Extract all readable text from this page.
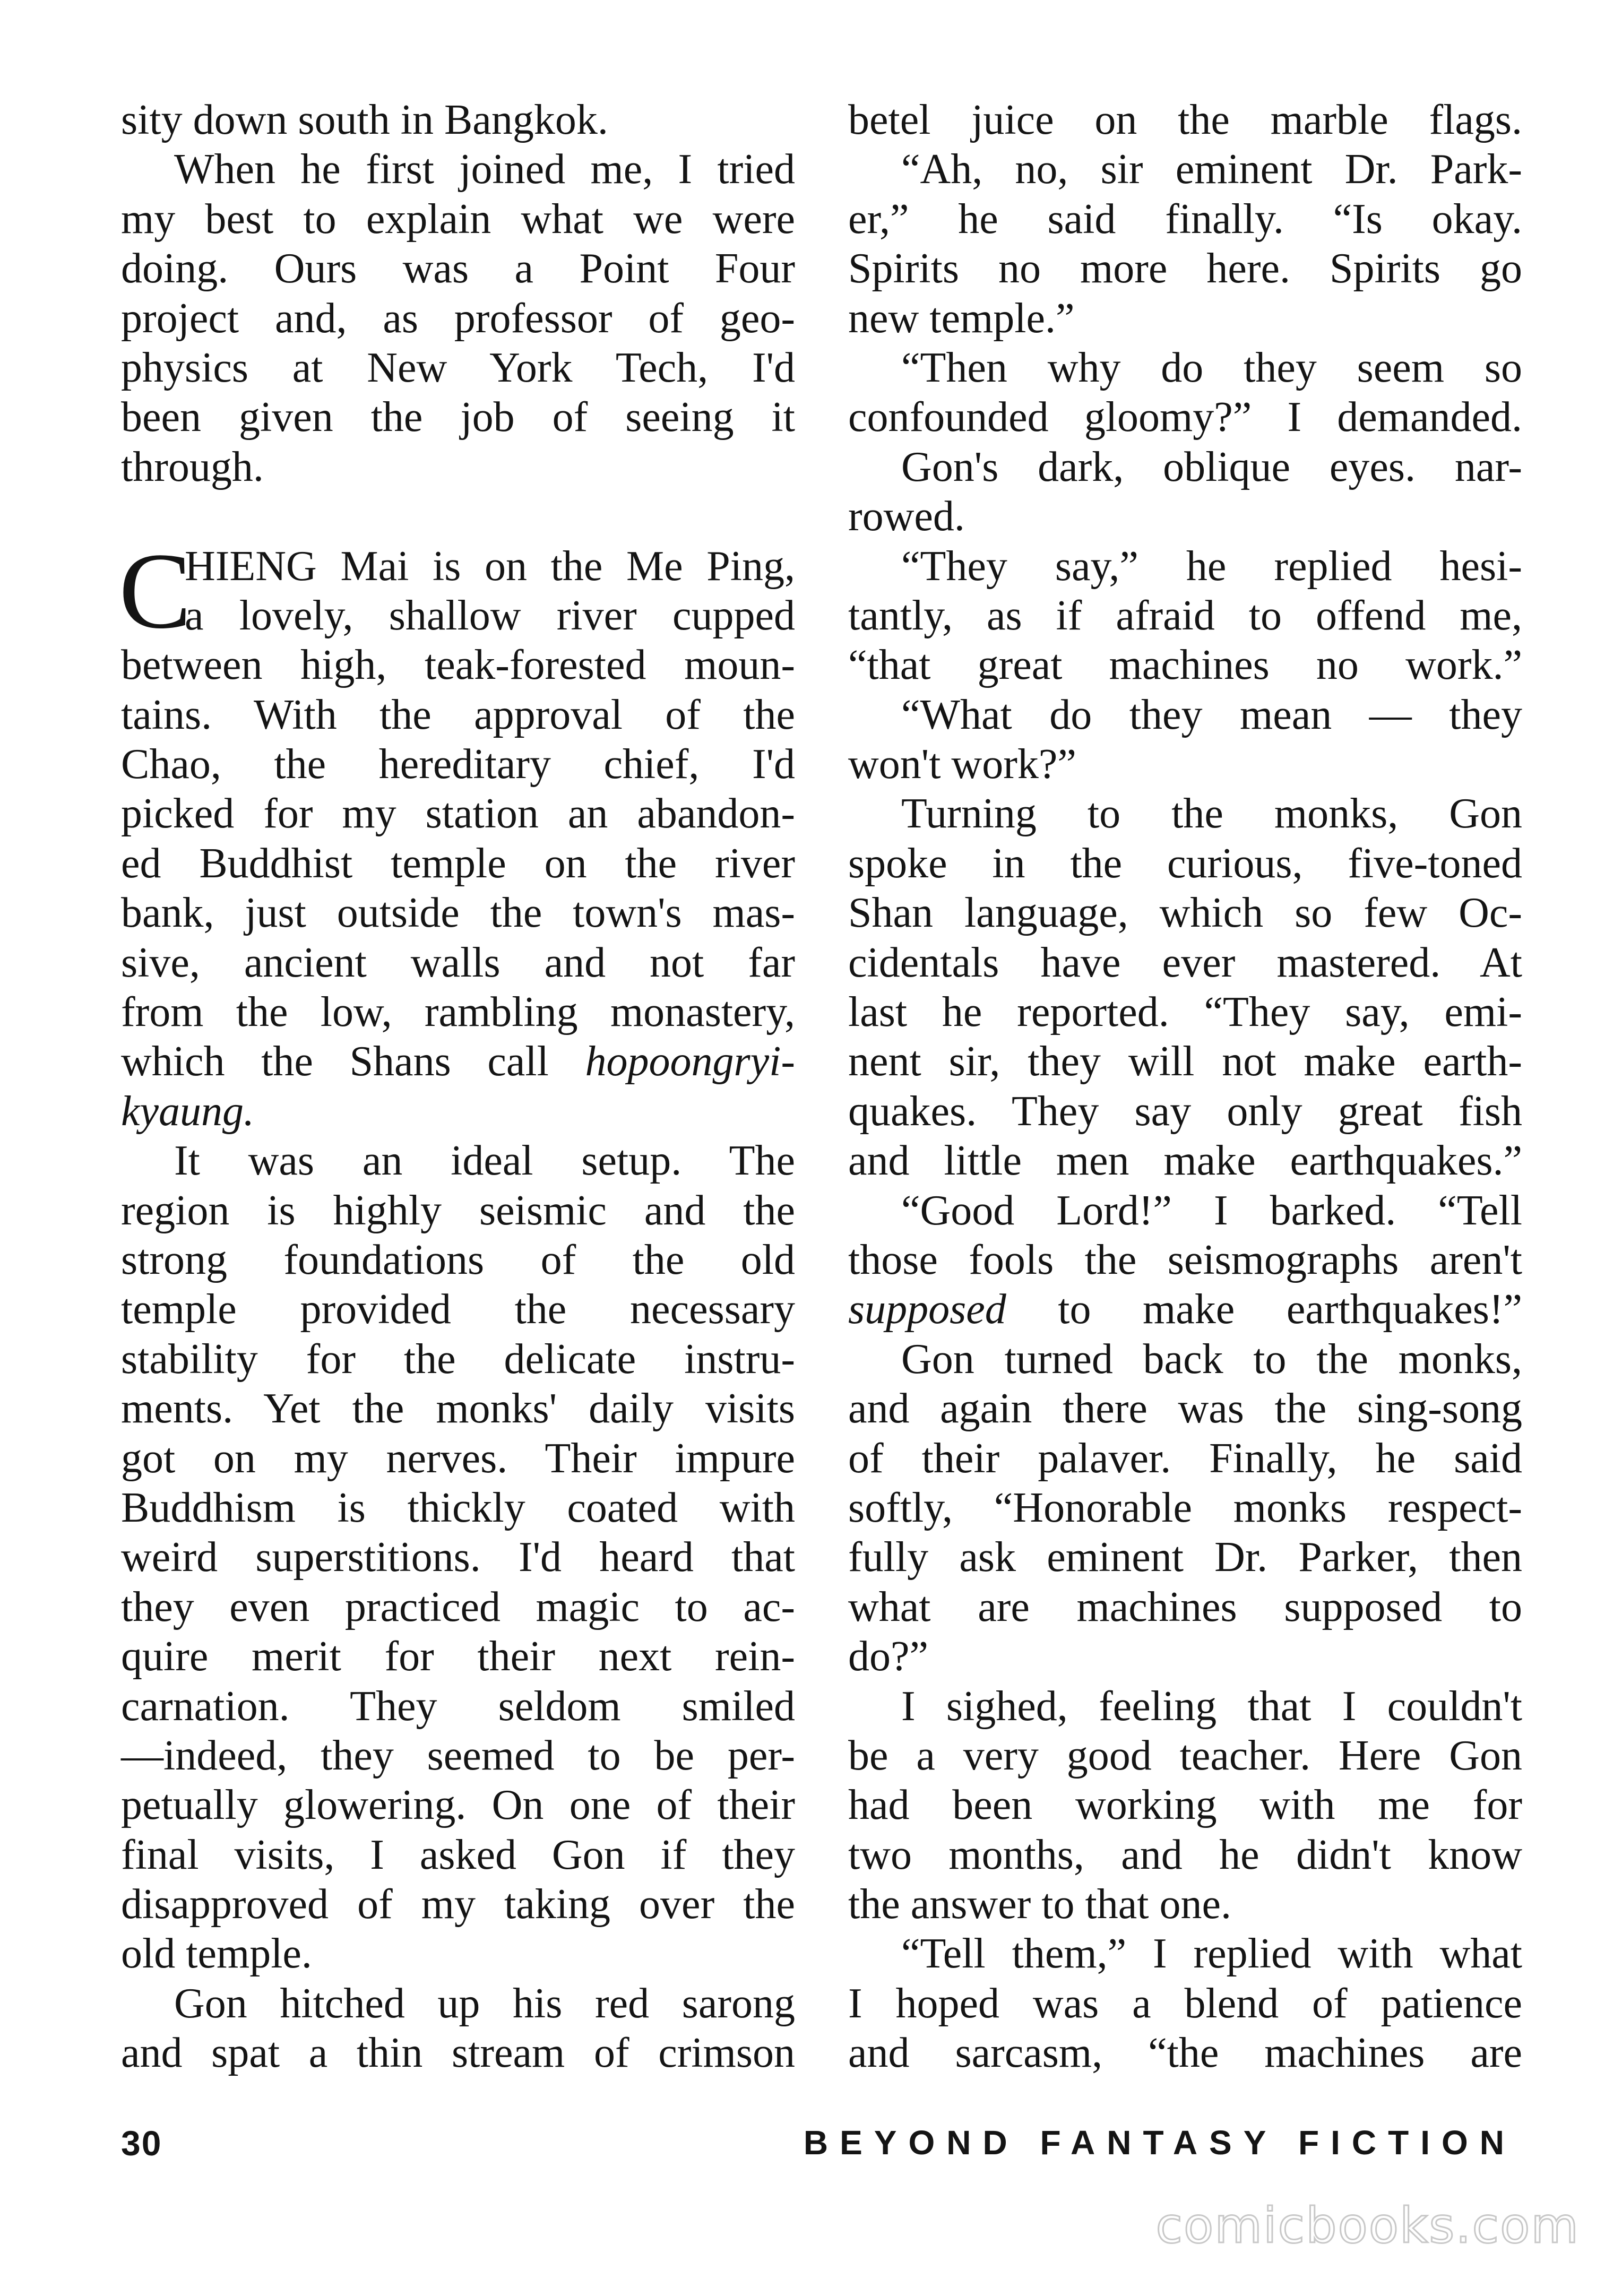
sity down south in Bangkok.
When he first joined me, I tried
my best to explain what we were
doing. Ours was a Point Four
project and, as professor of geo-
physics at New York Tech, I'd
been given the job of seeing it
through.
C
HIENG Mai is on the Me Ping,
a lovely, shallow river cupped
between high, teak-forested moun-
tains. With the approval of the
Chao, the hereditary chief, I'd
picked for my station an abandon-
ed Buddhist temple on the river
bank, just outside the town's mas-
sive, ancient walls and not far
from the low, rambling monastery,
which the Shans call hopoongryi-
kyaung.
It was an ideal setup. The
region is highly seismic and the
strong foundations of the old
temple provided the necessary
stability for the delicate instru-
ments. Yet the monks' daily visits
got on my nerves. Their impure
Buddhism is thickly coated with
weird superstitions. I'd heard that
they even practiced magic to ac-
quire merit for their next rein-
carnation. They seldom smiled
—indeed, they seemed to be per-
petually glowering. On one of their
final visits, I asked Gon if they
disapproved of my taking over the
old temple.
Gon hitched up his red sarong
and spat a thin stream of crimson
betel juice on the marble flags.
“Ah, no, sir eminent Dr. Park-
er,” he said finally. “Is okay.
Spirits no more here. Spirits go
new temple.”
“Then why do they seem so
confounded gloomy?” I demanded.
Gon's dark, oblique eyes. nar-
rowed.
“They say,” he replied hesi-
tantly, as if afraid to offend me,
“that great machines no work.”
“What do they mean — they
won't work?”
Turning to the monks, Gon
spoke in the curious, five-toned
Shan language, which so few Oc-
cidentals have ever mastered. At
last he reported. “They say, emi-
nent sir, they will not make earth-
quakes. They say only great fish
and little men make earthquakes.”
“Good Lord!” I barked. “Tell
those fools the seismographs aren't
supposed to make earthquakes!”
Gon turned back to the monks,
and again there was the sing-song
of their palaver. Finally, he said
softly, “Honorable monks respect-
fully ask eminent Dr. Parker, then
what are machines supposed to
do?”
I sighed, feeling that I couldn't
be a very good teacher. Here Gon
had been working with me for
two months, and he didn't know
the answer to that one.
“Tell them,” I replied with what
I hoped was a blend of patience
and sarcasm, “the machines are
30	BEYOND FANTASY FICTION
comicbooks.com
